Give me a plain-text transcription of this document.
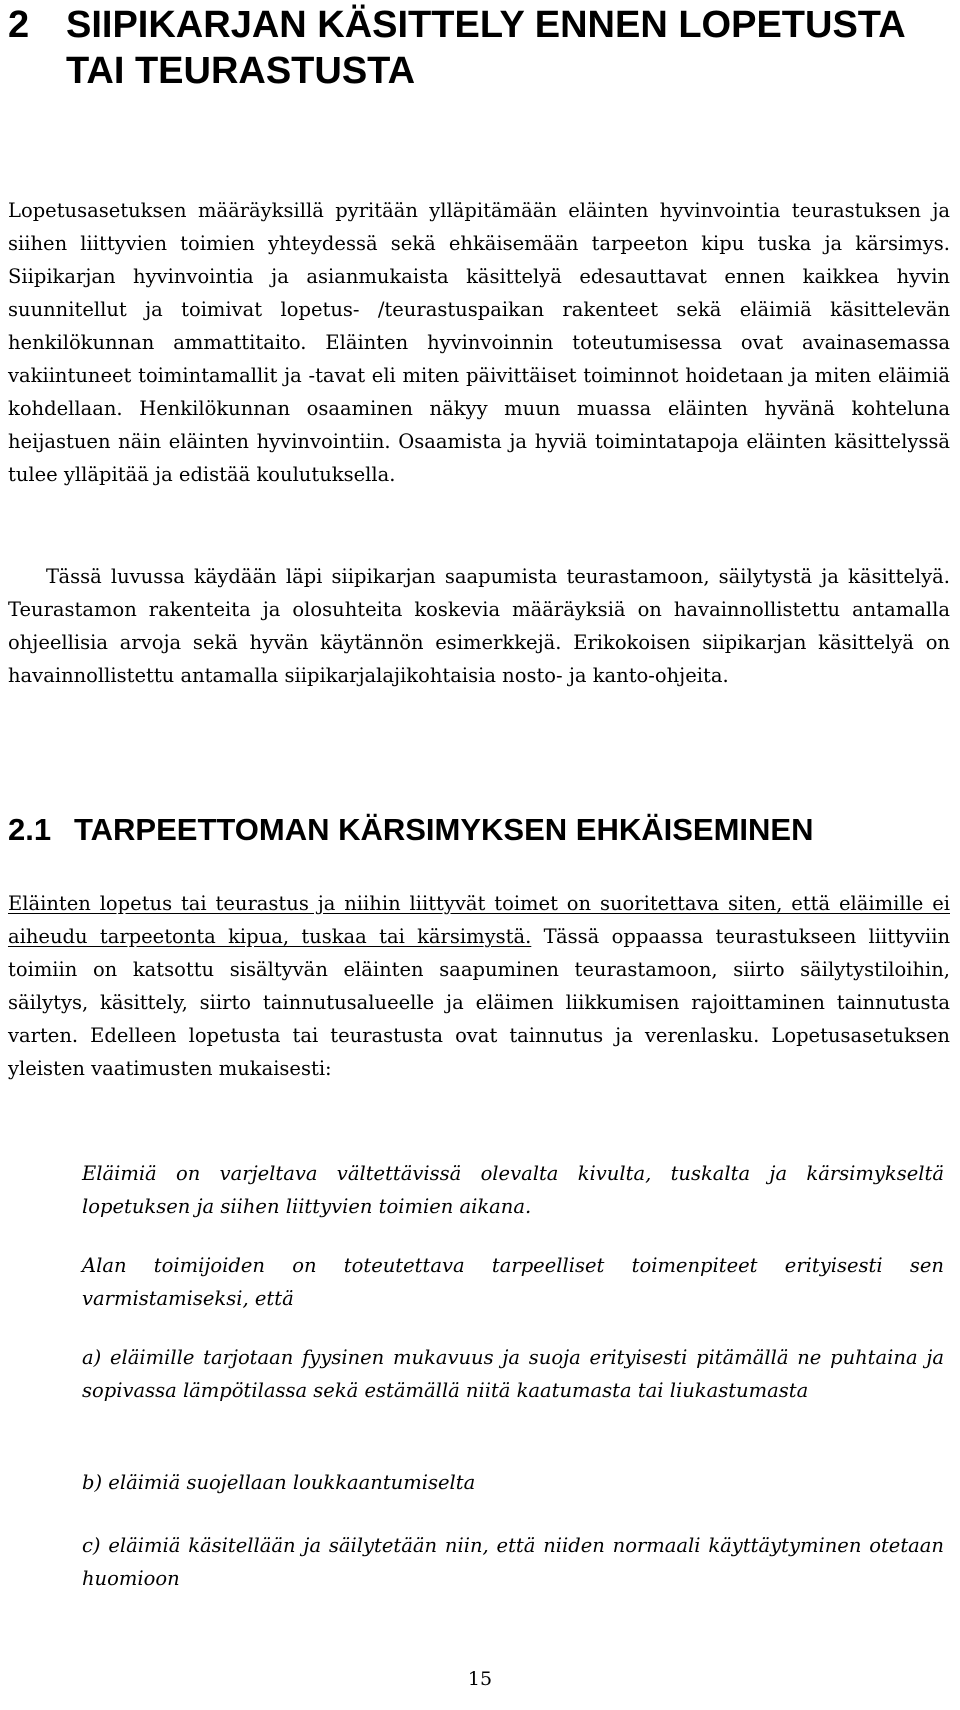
2 SIIPIKARJAN KÄSITTELY ENNEN LOPETUSTA TAI TEURASTUSTA

Lopetusasetuksen määräyksillä pyritään ylläpitämään eläinten hyvinvointia teurastuksen ja siihen liittyvien toimien yhteydessä sekä ehkäisemään tarpeeton kipu tuska ja kärsimys. Siipikarjan hyvinvointia ja asianmukaista käsittelyä edesauttavat ennen kaikkea hyvin suunnitellut ja toimivat lopetus- /teurastuspaikan rakenteet sekä eläimiä käsittelevän henkilökunnan ammattitaito. Eläinten hyvinvoinnin toteutumisessa ovat avainasemassa vakiintuneet toimintamallit ja -tavat eli miten päivittäiset toiminnot hoidetaan ja miten eläimiä kohdellaan. Henkilökunnan osaaminen näkyy muun muassa eläinten hyvänä kohteluna heijastuen näin eläinten hyvinvointiin. Osaamista ja hyviä toimintatapoja eläinten käsittelyssä tulee ylläpitää ja edistää koulutuksella.

Tässä luvussa käydään läpi siipikarjan saapumista teurastamoon, säilytystä ja käsittelyä. Teurastamon rakenteita ja olosuhteita koskevia määräyksiä on havainnollistettu antamalla ohjeellisia arvoja sekä hyvän käytännön esimerkkejä. Erikokoisen siipikarjan käsittelyä on havainnollistettu antamalla siipikarjalajikohtaisia nosto- ja kanto-ohjeita.

2.1 TARPEETTOMAN KÄRSIMYKSEN EHKÄISEMINEN

Eläinten lopetus tai teurastus ja niihin liittyvät toimet on suoritettava siten, että eläimille ei aiheudu tarpeetonta kipua, tuskaa tai kärsimystä. Tässä oppaassa teurastukseen liittyviin toimiin on katsottu sisältyvän eläinten saapuminen teurastamoon, siirto säilytystiloihin, säilytys, käsittely, siirto tainnutusalueelle ja eläimen liikkumisen rajoittaminen tainnutusta varten. Edelleen lopetusta tai teurastusta ovat tainnutus ja verenlasku. Lopetusasetuksen yleisten vaatimusten mukaisesti:

Eläimiä on varjeltava vältettävissä olevalta kivulta, tuskalta ja kärsimykseltä lopetuksen ja siihen liittyvien toimien aikana.

Alan toimijoiden on toteutettava tarpeelliset toimenpiteet erityisesti sen varmistamiseksi, että

a) eläimille tarjotaan fyysinen mukavuus ja suoja erityisesti pitämällä ne puhtaina ja sopivassa lämpötilassa sekä estämällä niitä kaatumasta tai liukastumasta

b) eläimiä suojellaan loukkaantumiselta

c) eläimiä käsitellään ja säilytetään niin, että niiden normaali käyttäytyminen otetaan huomioon

15
